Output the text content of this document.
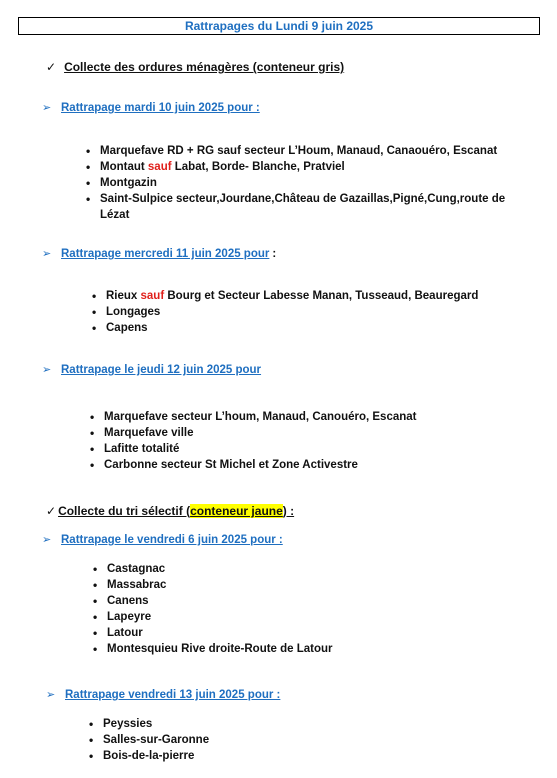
Rattrapages du Lundi 9 juin 2025
✓ Collecte des ordures ménagères (conteneur gris)
➢ Rattrapage mardi 10 juin 2025 pour :
• Marquefave RD + RG sauf secteur L’Houm, Manaud, Canaouéro, Escanat
• Montaut sauf Labat, Borde- Blanche, Pratviel
• Montgazin
• Saint-Sulpice secteur,Jourdane,Château de Gazaillas,Pigné,Cung,route de Lézat
➢ Rattrapage mercredi 11 juin 2025 pour :
• Rieux sauf Bourg et Secteur Labesse Manan, Tusseaud, Beauregard
• Longages
• Capens
➢ Rattrapage le jeudi 12 juin 2025 pour
• Marquefave secteur L’houm, Manaud, Canouéro, Escanat
• Marquefave ville
• Lafitte totalité
• Carbonne secteur St Michel et Zone Activestre
✓ Collecte du tri sélectif (conteneur jaune) :
➢ Rattrapage le vendredi 6 juin 2025 pour :
• Castagnac
• Massabrac
• Canens
• Lapeyre
• Latour
• Montesquieu Rive droite-Route de Latour
➢ Rattrapage vendredi 13 juin 2025 pour :
• Peyssies
• Salles-sur-Garonne
• Bois-de-la-pierre
